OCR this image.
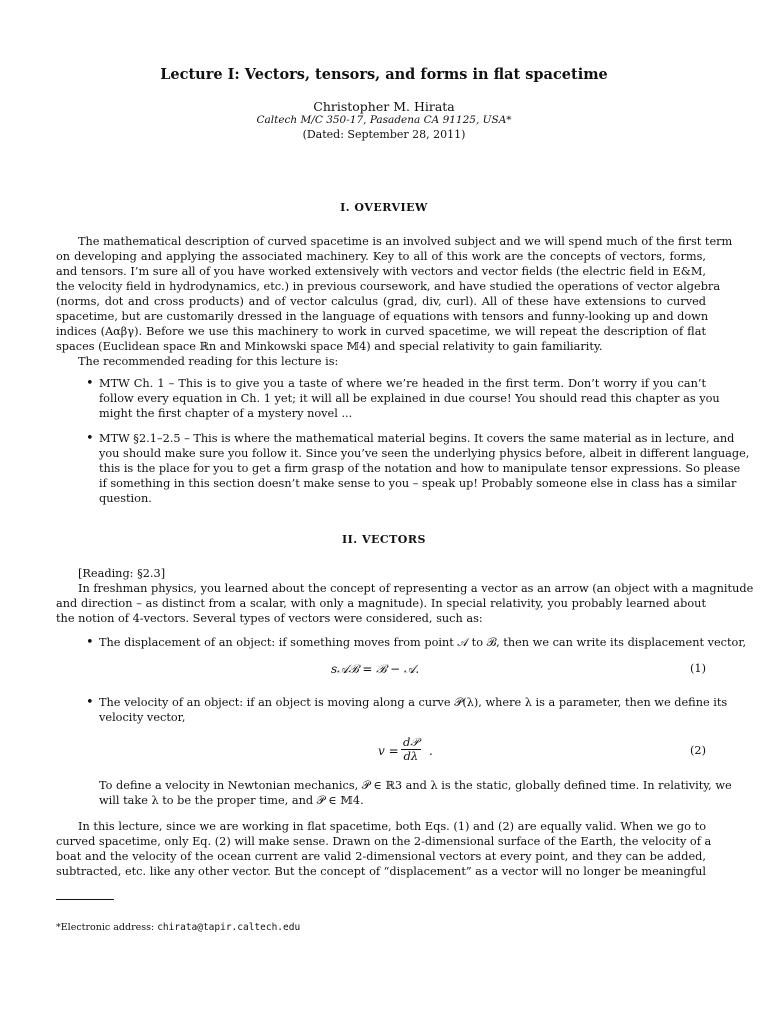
Lecture I: Vectors, tensors, and forms in flat spacetime
Christopher M. Hirata
Caltech M/C 350-17, Pasadena CA 91125, USA*
(Dated: September 28, 2011)
I. OVERVIEW
The mathematical description of curved spacetime is an involved subject and we will spend much of the first term
on developing and applying the associated machinery. Key to all of this work are the concepts of vectors, forms,
and tensors. I’m sure all of you have worked extensively with vectors and vector fields (the electric field in E&M,
the velocity field in hydrodynamics, etc.) in previous coursework, and have studied the operations of vector algebra
(norms, dot and cross products) and of vector calculus (grad, div, curl). All of these have extensions to curved
spacetime, but are customarily dressed in the language of equations with tensors and funny-looking up and down
indices (Aαβγ). Before we use this machinery to work in curved spacetime, we will repeat the description of flat
spaces (Euclidean space ℝn and Minkowski space 𝕄4) and special relativity to gain familiarity.
The recommended reading for this lecture is:
• MTW Ch. 1 – This is to give you a taste of where we’re headed in the first term. Don’t worry if you can’t
follow every equation in Ch. 1 yet; it will all be explained in due course! You should read this chapter as you
might the first chapter of a mystery novel ...
• MTW §2.1–2.5 – This is where the mathematical material begins. It covers the same material as in lecture, and
you should make sure you follow it. Since you’ve seen the underlying physics before, albeit in different language,
this is the place for you to get a firm grasp of the notation and how to manipulate tensor expressions. So please
if something in this section doesn’t make sense to you – speak up! Probably someone else in class has a similar
question.
II. VECTORS
[Reading: §2.3]
In freshman physics, you learned about the concept of representing a vector as an arrow (an object with a magnitude
and direction – as distinct from a scalar, with only a magnitude). In special relativity, you probably learned about
the notion of 4-vectors. Several types of vectors were considered, such as:
• The displacement of an object: if something moves from point 𝒜 to ℬ, then we can write its displacement vector,
s𝒜ℬ = ℬ − 𝒜.	(1)
• The velocity of an object: if an object is moving along a curve 𝒫(λ), where λ is a parameter, then we define its
velocity vector,
v =
d𝒫
dλ .	(2)
To define a velocity in Newtonian mechanics, 𝒫 ∈ ℝ3 and λ is the static, globally defined time. In relativity, we
will take λ to be the proper time, and 𝒫 ∈ 𝕄4.
In this lecture, since we are working in flat spacetime, both Eqs. (1) and (2) are equally valid. When we go to
curved spacetime, only Eq. (2) will make sense. Drawn on the 2-dimensional surface of the Earth, the velocity of a
boat and the velocity of the ocean current are valid 2-dimensional vectors at every point, and they can be added,
subtracted, etc. like any other vector. But the concept of “displacement” as a vector will no longer be meaningful
*Electronic address: chirata@tapir.caltech.edu
